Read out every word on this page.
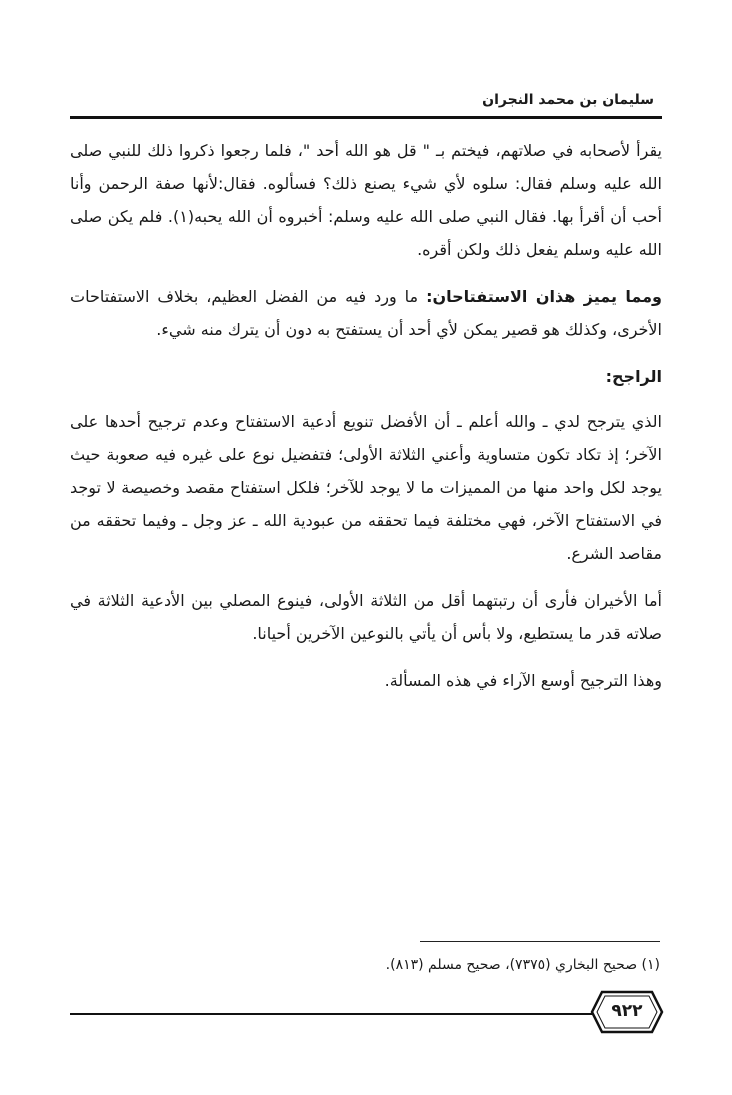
سليمان بن محمد النجران

يقرأ لأصحابه في صلاتهم، فيختم بـ " قل هو الله أحد "، فلما رجعوا ذكروا ذلك للنبي صلى الله عليه وسلم فقال: سلوه لأي شيء يصنع ذلك؟ فسألوه. فقال:لأنها صفة الرحمن وأنا أحب أن أقرأ بها. فقال النبي صلى الله عليه وسلم: أخبروه أن الله يحبه(١). فلم يكن صلى الله عليه وسلم يفعل ذلك ولكن أقره.

ومما يميز هذان الاستفتاحان: ما ورد فيه من الفضل العظيم، بخلاف الاستفتاحات الأخرى، وكذلك هو قصير يمكن لأي أحد أن يستفتح به دون أن يترك منه شيء.

الراجح:

الذي يترجح لدي ـ والله أعلم ـ أن الأفضل تنويع أدعية الاستفتاح وعدم ترجيح أحدها على الآخر؛ إذ تكاد تكون متساوية وأعني الثلاثة الأولى؛ فتفضيل نوع على غيره فيه صعوبة حيث يوجد لكل واحد منها من المميزات ما لا يوجد للآخر؛ فلكل استفتاح مقصد وخصيصة لا توجد في الاستفتاح الآخر، فهي مختلفة فيما تحققه من عبودية الله ـ عز وجل ـ وفيما تحققه من مقاصد الشرع.

أما الأخيران فأرى أن رتبتهما أقل من الثلاثة الأولى، فينوع المصلي بين الأدعية الثلاثة في صلاته قدر ما يستطيع، ولا بأس أن يأتي بالنوعين الآخرين أحيانا.

وهذا الترجيح أوسع الآراء في هذه المسألة.

(١) صحيح البخاري (٧٣٧٥)، صحيح مسلم (٨١٣).
٩٢٢
